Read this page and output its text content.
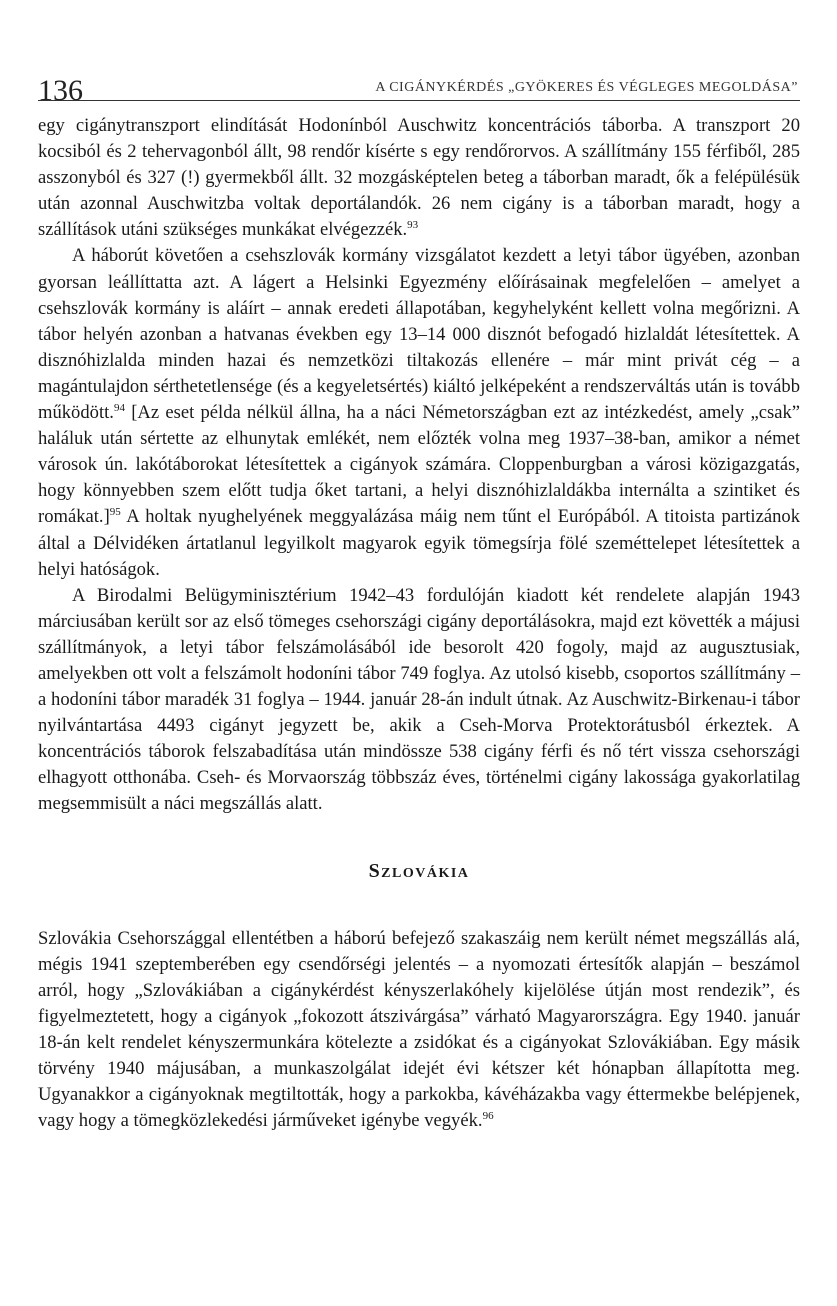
136	A CIGÁNYKÉRDÉS „GYÖKERES ÉS VÉGLEGES MEGOLDÁSA”

egy cigánytranszport elindítását Hodonínból Auschwitz koncentrációs táborba. A transzport 20 kocsiból és 2 tehervagonból állt, 98 rendőr kísérte s egy rendőrorvos. A szállítmány 155 férfiből, 285 asszonyból és 327 (!) gyermekből állt. 32 mozgásképtelen beteg a táborban maradt, ők a felépülésük után azonnal Auschwitzba voltak deportálandók. 26 nem cigány is a táborban maradt, hogy a szállítások utáni szükséges munkákat elvégezzék.$^{93}$

A háborút követően a csehszlovák kormány vizsgálatot kezdett a letyi tábor ügyében, azonban gyorsan leállíttatta azt. A lágert a Helsinki Egyezmény előírásainak megfelelően – amelyet a csehszlovák kormány is aláírt – annak eredeti állapotában, kegyhelyként kellett volna megőrizni. A tábor helyén azonban a hatvanas években egy 13–14 000 disznót befogadó hizlaldát létesítettek. A disznóhizlalda minden hazai és nemzetközi tiltakozás ellenére – már mint privát cég – a magántulajdon sérthetetlensége (és a kegyeletsértés) kiáltó jelképeként a rendszerváltás után is tovább működött.$^{94}$ [Az eset példa nélkül állna, ha a náci Németországban ezt az intézkedést, amely „csak” haláluk után sértette az elhunytak emlékét, nem előzték volna meg 1937–38-ban, amikor a német városok ún. lakótáborokat létesítettek a cigányok számára. Cloppenburgban a városi közigazgatás, hogy könnyebben szem előtt tudja őket tartani, a helyi disznóhizlaldákba internálta a szintiket és romákat.]$^{95}$ A holtak nyughelyének meggyalázása máig nem tűnt el Európából. A titoista partizánok által a Délvidéken ártatlanul legyilkolt magyarok egyik tömegsírja fölé szeméttelepet létesítettek a helyi hatóságok.

A Birodalmi Belügyminisztérium 1942–43 fordulóján kiadott két rendelete alapján 1943 márciusában került sor az első tömeges csehországi cigány deportálásokra, majd ezt követték a májusi szállítmányok, a letyi tábor felszámolásából ide besorolt 420 fogoly, majd az augusztusiak, amelyekben ott volt a felszámolt hodoníni tábor 749 foglya. Az utolsó kisebb, csoportos szállítmány – a hodoníni tábor maradék 31 foglya – 1944. január 28-án indult útnak. Az Auschwitz-Birkenau-i tábor nyilvántartása 4493 cigányt jegyzett be, akik a Cseh-Morva Protektorátusból érkeztek. A koncentrációs táborok felszabadítása után mindössze 538 cigány férfi és nő tért vissza csehországi elhagyott otthonába. Cseh- és Morvaország többszáz éves, történelmi cigány lakossága gyakorlatilag megsemmisült a náci megszállás alatt.

Szlovákia

Szlovákia Csehországgal ellentétben a háború befejező szakaszáig nem került német megszállás alá, mégis 1941 szeptemberében egy csendőrségi jelentés – a nyomozati értesítők alapján – beszámol arról, hogy „Szlovákiában a cigánykérdést kényszerlakóhely kijelölése útján most rendezik”, és figyelmeztetett, hogy a cigányok „fokozott átszivárgása” várható Magyarországra. Egy 1940. január 18-án kelt rendelet kényszermunkára kötelezte a zsidókat és a cigányokat Szlovákiában. Egy másik törvény 1940 májusában, a munkaszolgálat idejét évi kétszer két hónapban állapította meg. Ugyanakkor a cigányoknak megtiltották, hogy a parkokba, kávéházakba vagy éttermekbe belépjenek, vagy hogy a tömegközlekedési járműveket igénybe vegyék.$^{96}$
